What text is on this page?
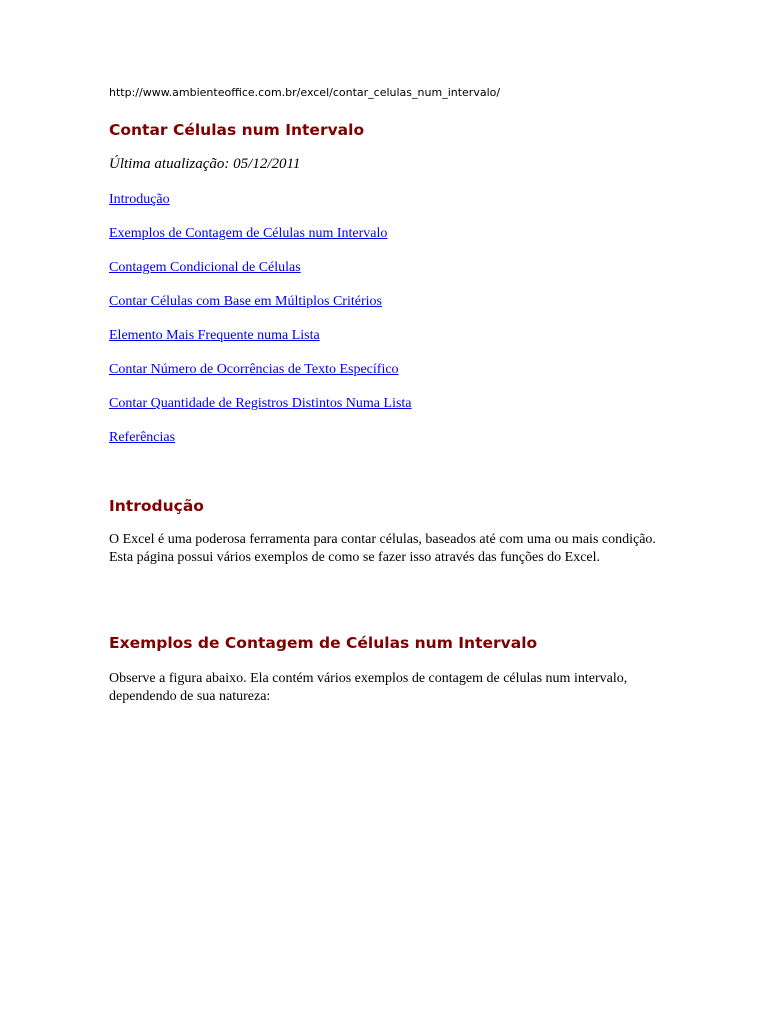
http://www.ambienteoffice.com.br/excel/contar_celulas_num_intervalo/
Contar Células num Intervalo
Última atualização: 05/12/2011
Introdução
Exemplos de Contagem de Células num Intervalo
Contagem Condicional de Células
Contar Células com Base em Múltiplos Critérios
Elemento Mais Frequente numa Lista
Contar Número de Ocorrências de Texto Específico
Contar Quantidade de Registros Distintos Numa Lista
Referências
Introdução

O Excel é uma poderosa ferramenta para contar células, baseados até com uma ou mais condição. Esta página possui vários exemplos de como se fazer isso através das funções do Excel.

Exemplos de Contagem de Células num Intervalo

Observe a figura abaixo. Ela contém vários exemplos de contagem de células num intervalo, dependendo de sua natureza:
